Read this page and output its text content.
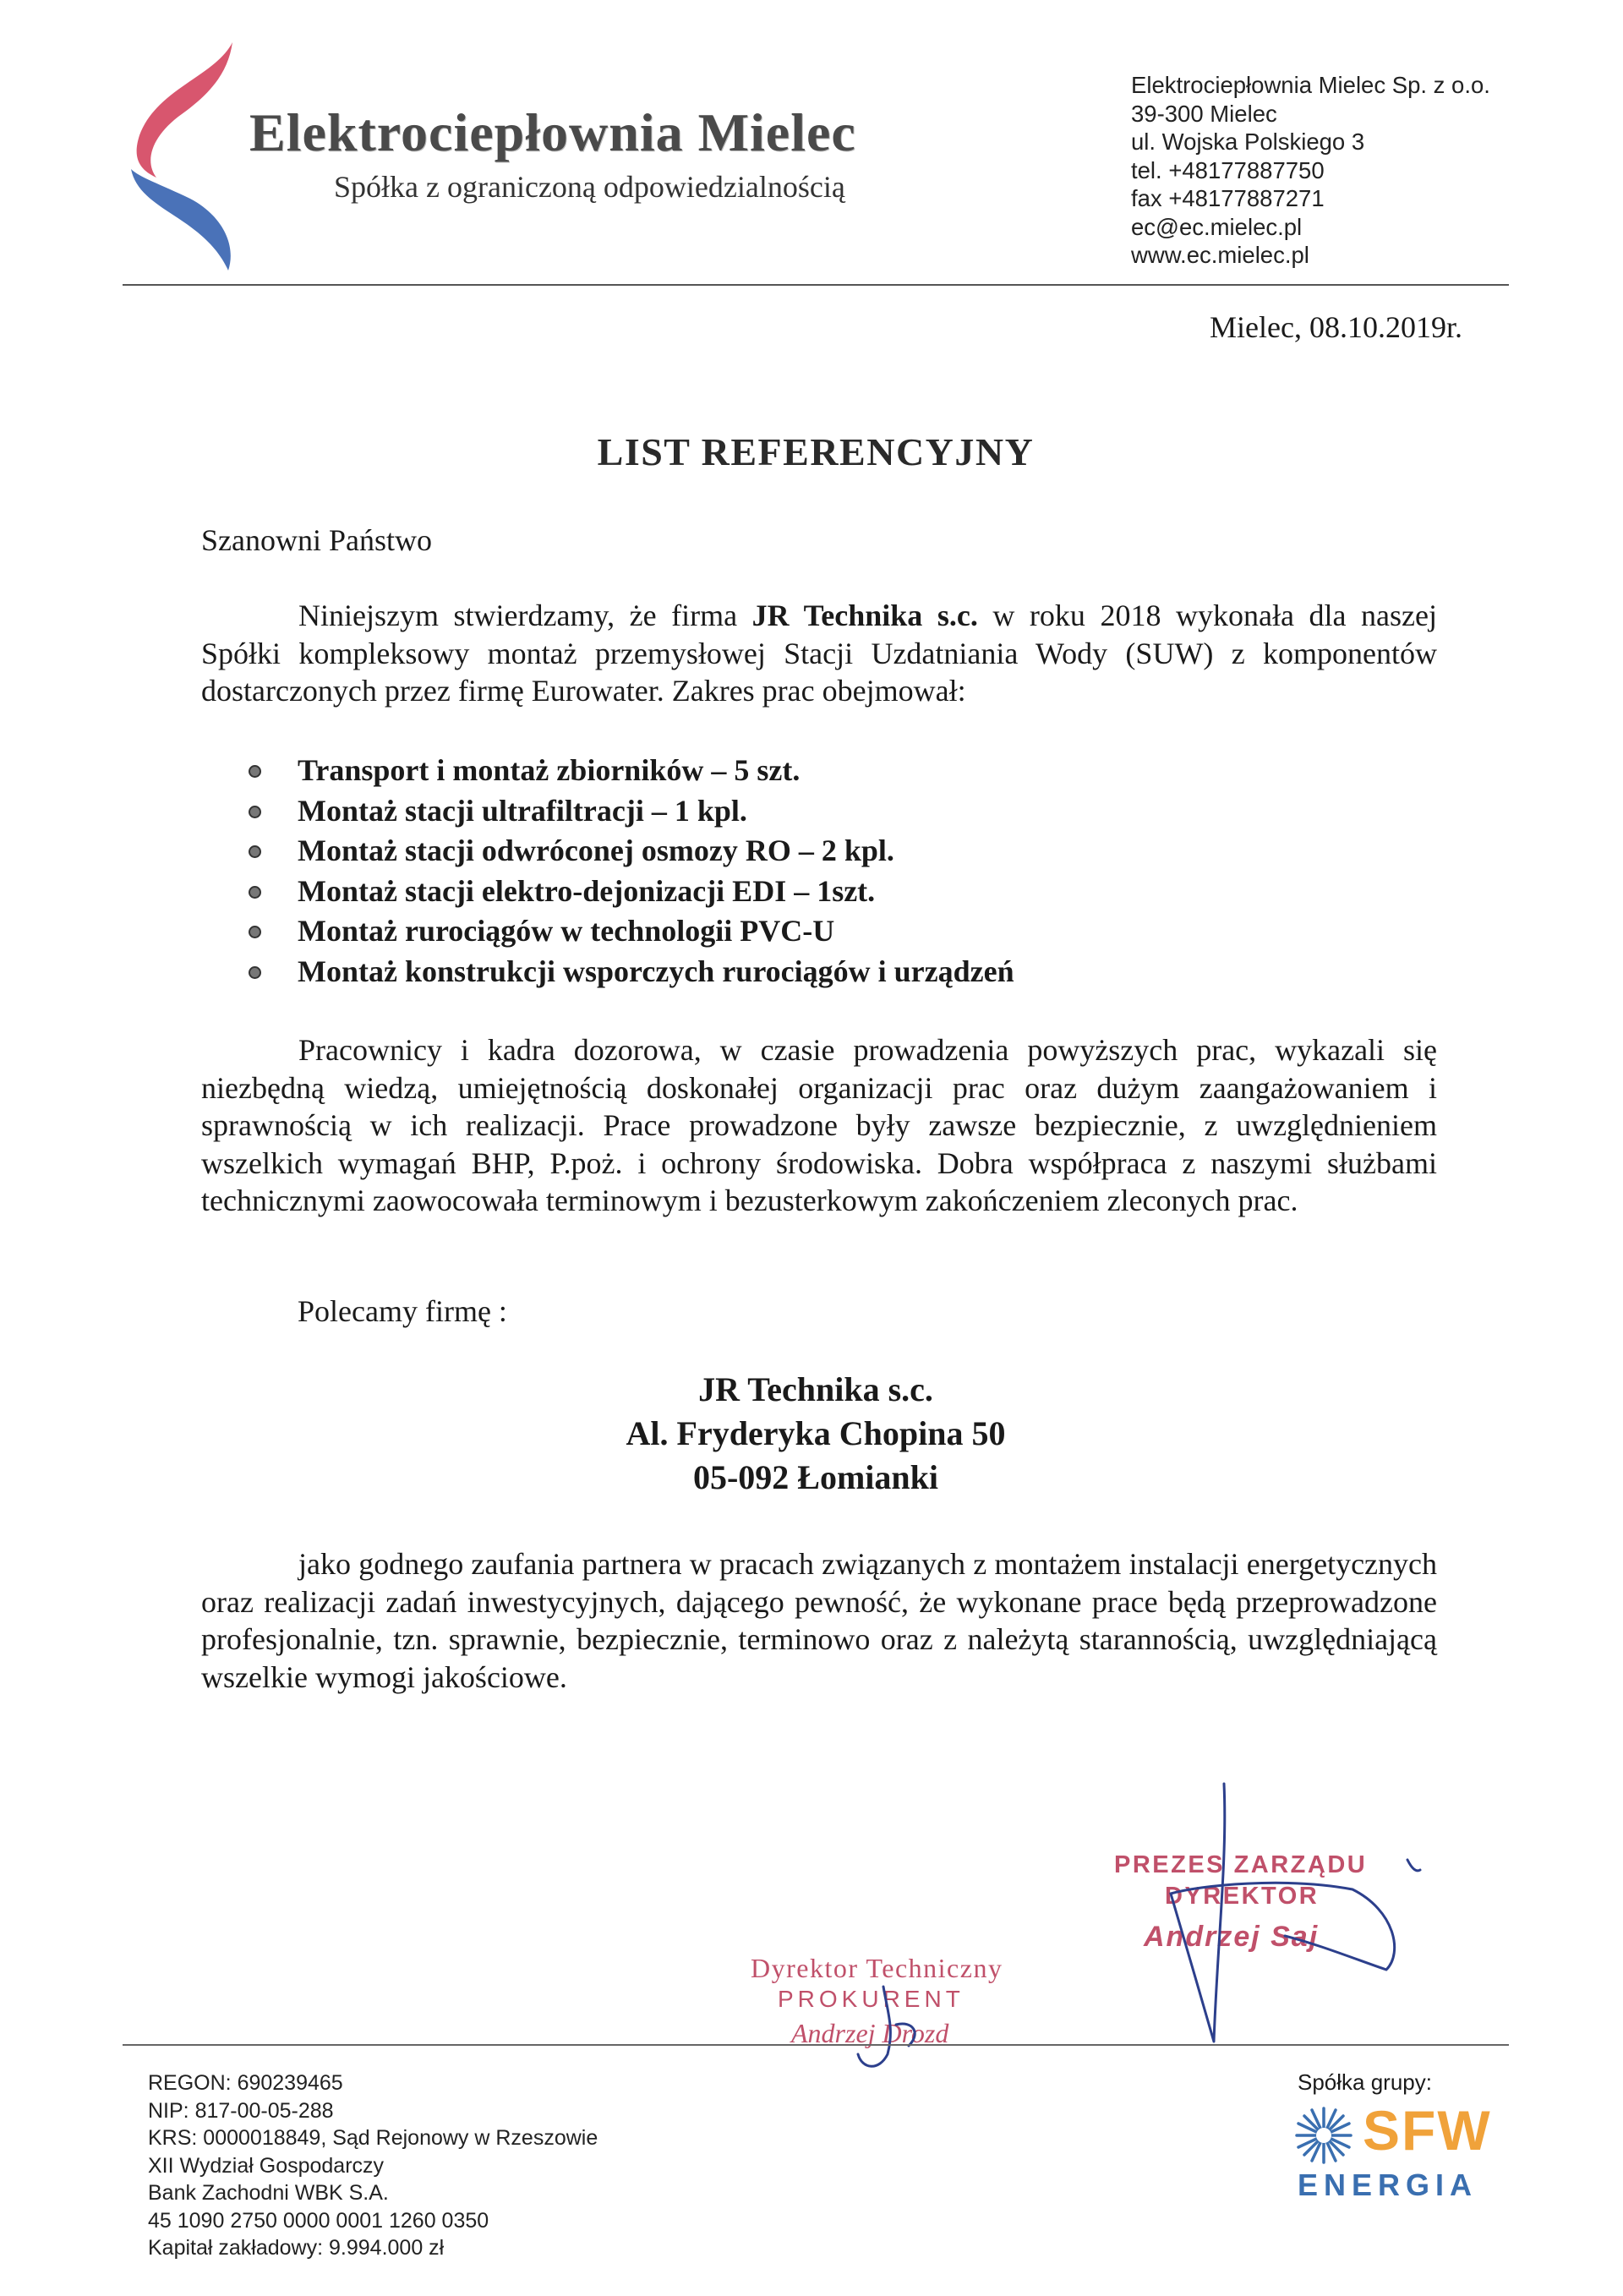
Elektrociepłownia Mielec
Spółka z ograniczoną odpowiedzialnością
Elektrociepłownia Mielec Sp. z o.o.
39-300 Mielec
ul. Wojska Polskiego 3
tel. +48177887750
fax +48177887271
ec@ec.mielec.pl
www.ec.mielec.pl
Mielec, 08.10.2019r.
LIST REFERENCYJNY
Szanowni Państwo
Niniejszym stwierdzamy, że firma JR Technika s.c. w roku 2018 wykonała dla naszej Spółki kompleksowy montaż przemysłowej Stacji Uzdatniania Wody (SUW) z komponentów dostarczonych przez firmę Eurowater. Zakres prac obejmował:
Transport i montaż zbiorników – 5 szt.
Montaż stacji ultrafiltracji – 1 kpl.
Montaż stacji odwróconej osmozy RO – 2 kpl.
Montaż stacji elektro-dejonizacji EDI – 1szt.
Montaż rurociągów w technologii PVC-U
Montaż konstrukcji wsporczych rurociągów i urządzeń
Pracownicy i kadra dozorowa, w czasie prowadzenia powyższych prac, wykazali się niezbędną wiedzą, umiejętnością doskonałej organizacji prac oraz dużym zaangażowaniem i sprawnością w ich realizacji. Prace prowadzone były zawsze bezpiecznie, z uwzględnieniem wszelkich wymagań BHP, P.poż. i ochrony środowiska. Dobra współpraca z naszymi służbami technicznymi zaowocowała terminowym i bezusterkowym zakończeniem zleconych prac.
Polecamy firmę :
JR Technika s.c.
Al. Fryderyka Chopina 50
05-092 Łomianki
jako godnego zaufania partnera w pracach związanych z montażem instalacji energetycznych oraz realizacji zadań inwestycyjnych, dającego pewność, że wykonane prace będą przeprowadzone profesjonalnie, tzn. sprawnie, bezpiecznie, terminowo oraz z należytą starannością, uwzględniającą wszelkie wymogi jakościowe.
PREZES ZARZĄDU
DYREKTOR
Andrzej Saj
Dyrektor Techniczny
PROKURENT
Andrzej Drozd
REGON: 690239465
NIP: 817-00-05-288
KRS: 0000018849, Sąd Rejonowy w Rzeszowie
XII Wydział Gospodarczy
Bank Zachodni WBK S.A.
45 1090 2750 0000 0001 1260 0350
Kapitał zakładowy: 9.994.000 zł
Spółka grupy:
SFW
ENERGIA
